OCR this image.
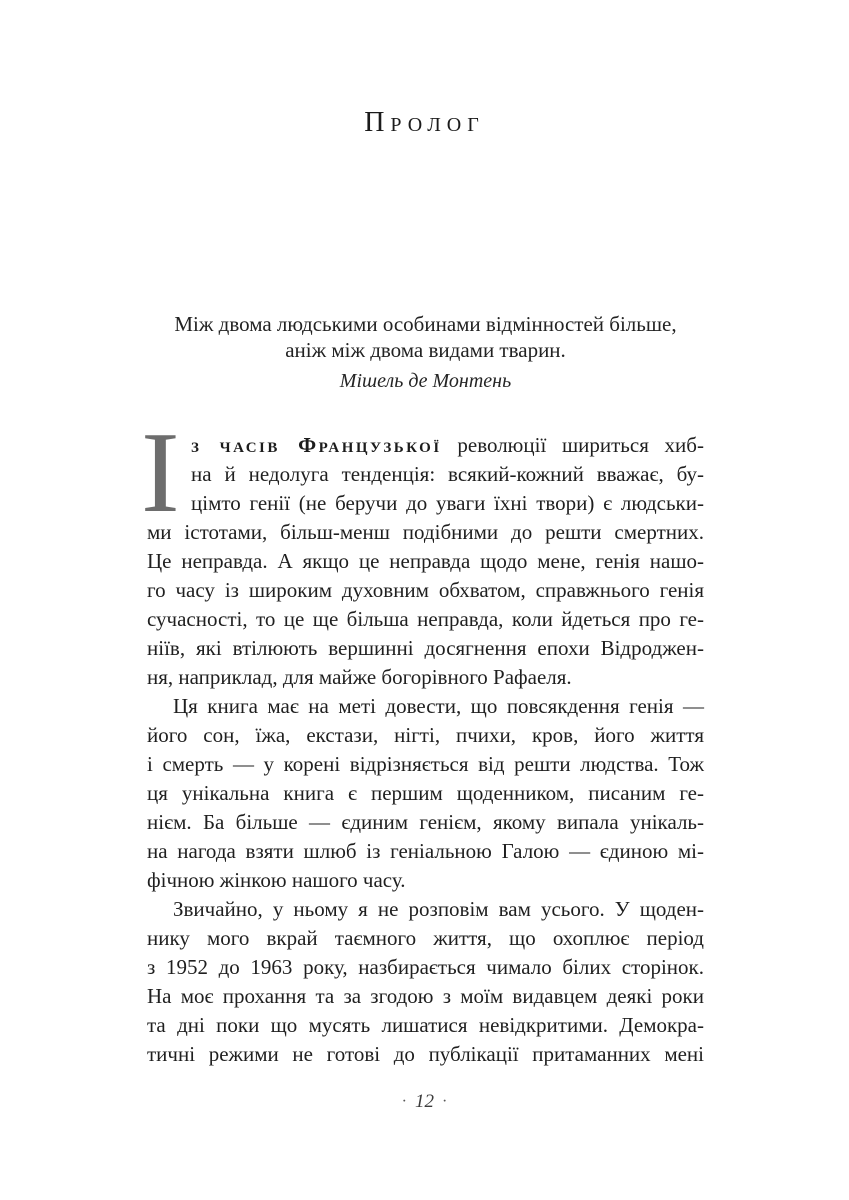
Пролог
Між двома людськими особинами відмінностей більше,
аніж між двома видами тварин.
Мішель де Монтень
І з часів Французької революції шириться хиб-
на й недолуга тенденція: всякий-кожний вважає, бу-
цімто генії (не беручи до уваги їхні твори) є людськи-
ми істотами, більш-менш подібними до решти смертних.
Це неправда. А якщо це неправда щодо мене, генія нашо-
го часу із широким духовним обхватом, справжнього генія
сучасності, то це ще більша неправда, коли йдеться про ге-
ніїв, які втілюють вершинні досягнення епохи Відроджен-
ня, наприклад, для майже богорівного Рафаеля.
Ця книга має на меті довести, що повсякдення генія —
його сон, їжа, екстази, нігті, пчихи, кров, його життя
і смерть — у корені відрізняється від решти людства. Тож
ця унікальна книга є першим щоденником, писаним ге-
нієм. Ба більше — єдиним генієм, якому випала унікаль-
на нагода взяти шлюб із геніальною Галою — єдиною мі-
фічною жінкою нашого часу.
Звичайно, у ньому я не розповім вам усього. У щоден-
нику мого вкрай таємного життя, що охоплює період
з 1952 до 1963 року, назбирається чимало білих сторінок.
На моє прохання та за згодою з моїм видавцем деякі роки
та дні поки що мусять лишатися невідкритими. Демокра-
тичні режими не готові до публікації притаманних мені
· 12 ·
